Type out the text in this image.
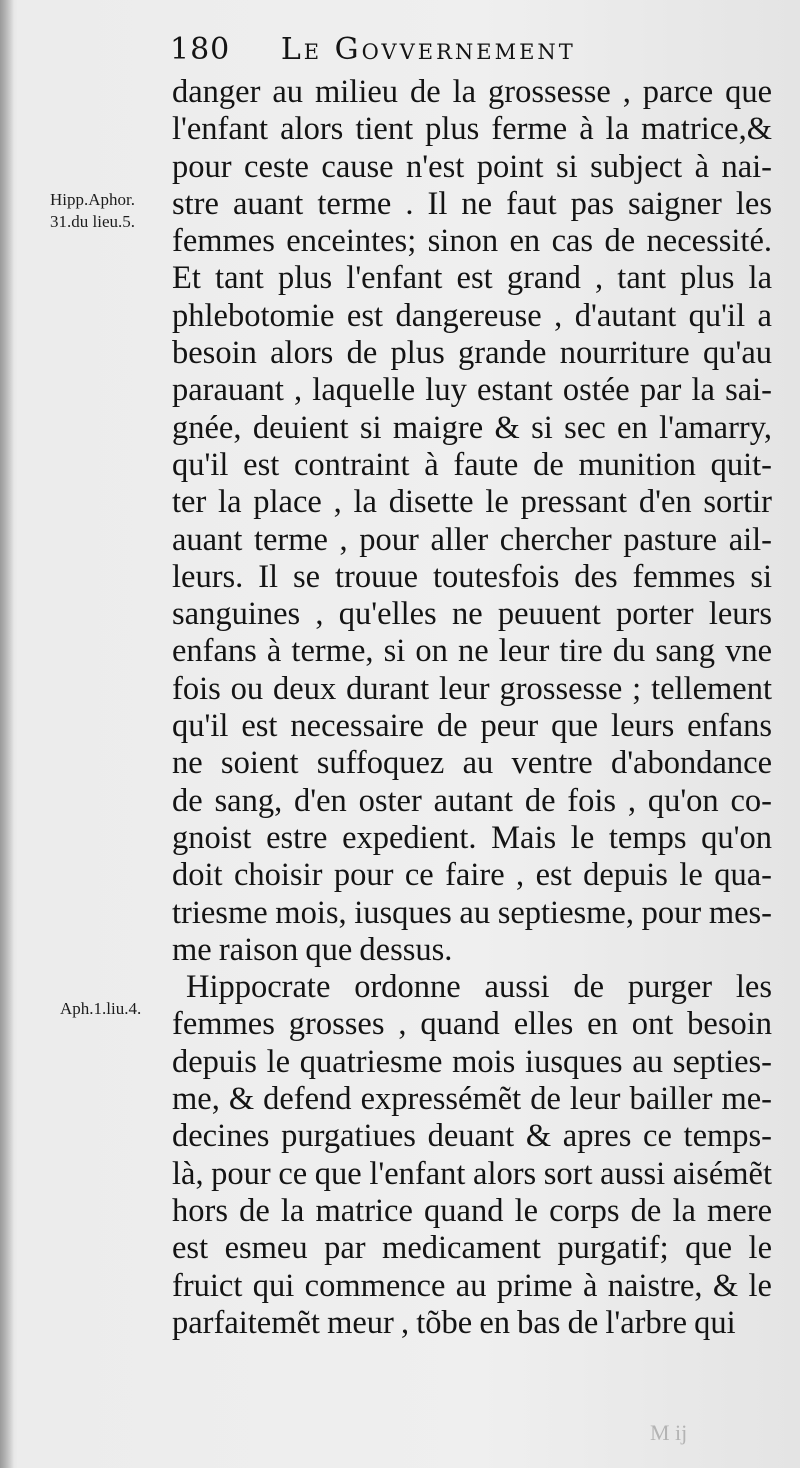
180 Le Govvernement
Hipp.Aphor.
31.du lieu.5.
Aph.1.liu.4.
danger au milieu de la grossesse , parce que
l'enfant alors tient plus ferme à la matrice,&
pour ceste cause n'est point si subject à nai-
stre auant terme . Il ne faut pas saigner les
femmes enceintes; sinon en cas de necessité.
Et tant plus l'enfant est grand , tant plus la
phlebotomie est dangereuse , d'autant qu'il a
besoin alors de plus grande nourriture qu'au
parauant , laquelle luy estant ostée par la sai-
gnée, deuient si maigre & si sec en l'amarry,
qu'il est contraint à faute de munition quit-
ter la place , la disette le pressant d'en sortir
auant terme , pour aller chercher pasture ail-
leurs. Il se trouue toutesfois des femmes si
sanguines , qu'elles ne peuuent porter leurs
enfans à terme, si on ne leur tire du sang vne
fois ou deux durant leur grossesse ; tellement
qu'il est necessaire de peur que leurs enfans
ne soient suffoquez au ventre d'abondance
de sang, d'en oster autant de fois , qu'on co-
gnoist estre expedient. Mais le temps qu'on
doit choisir pour ce faire , est depuis le qua-
triesme mois, iusques au septiesme, pour mes-
me raison que dessus.
Hippocrate ordonne aussi de purger les
femmes grosses , quand elles en ont besoin
depuis le quatriesme mois iusques au septies-
me, & defend expressémẽt de leur bailler me-
decines purgatiues deuant & apres ce temps-
là, pour ce que l'enfant alors sort aussi aisémẽt
hors de la matrice quand le corps de la mere
est esmeu par medicament purgatif; que le
fruict qui commence au prime à naistre, & le
parfaitemẽt meur , tõbe en bas de l'arbre qui
M ij
